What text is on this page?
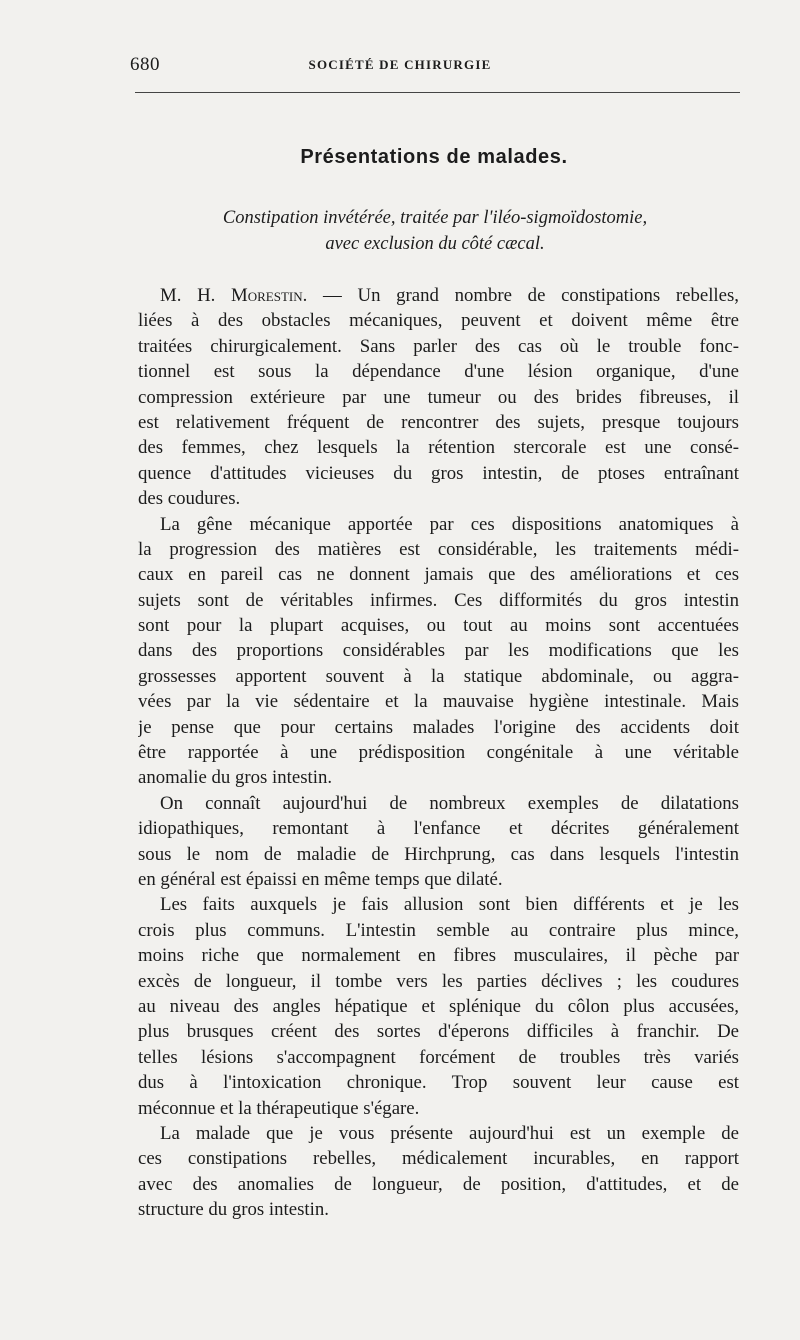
680	SOCIÉTÉ DE CHIRURGIE
Présentations de malades.
Constipation invétérée, traitée par l'iléo-sigmoïdostomie,
avec exclusion du côté cæcal.
M. H. Morestin. — Un grand nombre de constipations rebelles,
liées à des obstacles mécaniques, peuvent et doivent même être
traitées chirurgicalement. Sans parler des cas où le trouble fonc-
tionnel est sous la dépendance d'une lésion organique, d'une
compression extérieure par une tumeur ou des brides fibreuses, il
est relativement fréquent de rencontrer des sujets, presque toujours
des femmes, chez lesquels la rétention stercorale est une consé-
quence d'attitudes vicieuses du gros intestin, de ptoses entraînant
des coudures.
La gêne mécanique apportée par ces dispositions anatomiques à
la progression des matières est considérable, les traitements médi-
caux en pareil cas ne donnent jamais que des améliorations et ces
sujets sont de véritables infirmes. Ces difformités du gros intestin
sont pour la plupart acquises, ou tout au moins sont accentuées
dans des proportions considérables par les modifications que les
grossesses apportent souvent à la statique abdominale, ou aggra-
vées par la vie sédentaire et la mauvaise hygiène intestinale. Mais
je pense que pour certains malades l'origine des accidents doit
être rapportée à une prédisposition congénitale à une véritable
anomalie du gros intestin.
On connaît aujourd'hui de nombreux exemples de dilatations
idiopathiques, remontant à l'enfance et décrites généralement
sous le nom de maladie de Hirchprung, cas dans lesquels l'intestin
en général est épaissi en même temps que dilaté.
Les faits auxquels je fais allusion sont bien différents et je les
crois plus communs. L'intestin semble au contraire plus mince,
moins riche que normalement en fibres musculaires, il pèche par
excès de longueur, il tombe vers les parties déclives ; les coudures
au niveau des angles hépatique et splénique du côlon plus accusées,
plus brusques créent des sortes d'éperons difficiles à franchir. De
telles lésions s'accompagnent forcément de troubles très variés
dus à l'intoxication chronique. Trop souvent leur cause est
méconnue et la thérapeutique s'égare.
La malade que je vous présente aujourd'hui est un exemple de
ces constipations rebelles, médicalement incurables, en rapport
avec des anomalies de longueur, de position, d'attitudes, et de
structure du gros intestin.
